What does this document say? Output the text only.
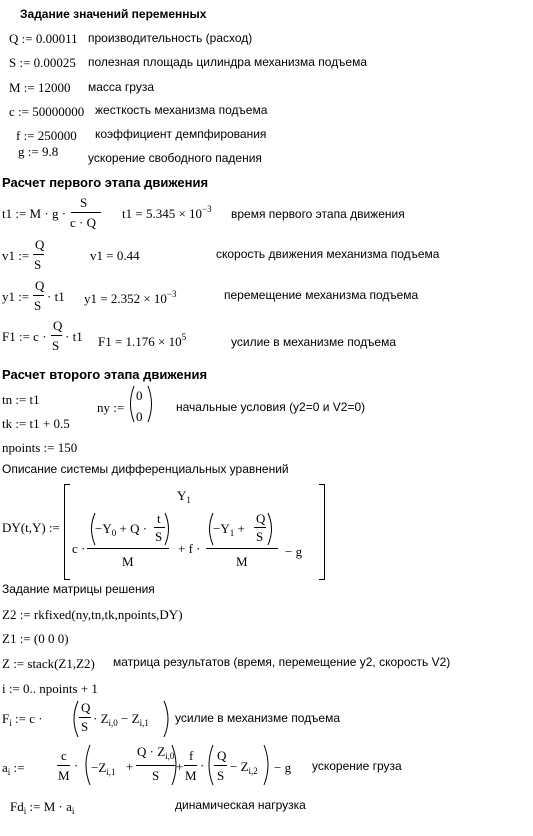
Задание значений переменных
Q := 0.00011 производительность (расход)
S := 0.00025 полезная площадь цилиндра механизма подъема
M := 12000 масса груза
c := 50000000 жесткость механизма подъема
f := 250000 коэффициент демпфирования
g := 9.8 ускорение свободного падения
Расчет первого этапа движения
t1 := M · g ·
S
c · Q
$t1 = 5.345 \times 10^{-3}$ время первого этапа движения
v1 :=
Q
S
v1 = 0.44	скорость движения механизма подъема
y1 :=
Q
S
· t1 $y1 = 2.352 \times 10^{-3}$	перемещение механизма подъема
F1 := c ·
Q
S
· t1 $F1 = 1.176 \times 10^5$	усилие в механизме подъема
Расчет второго этапа движения
tn := t1
tk := t1 + 0.5
ny :=
0
0
начальные условия (y2=0 и V2=0)
npoints := 150
Описание системы дифференциальных уравнений
DY(t,Y) :=
$Y_1$
c ·
$-Y_0 + Q$ ·
t
S
M
+ f ·
$-Y_1$ +
Q
S
M
− g
Задание матрицы решения
Z2 := rkfixed(ny,tn,tk,npoints,DY)
Z1 := (0 0 0)
Z := stack(Z1,Z2) матрица результатов (время, перемещение y2, скорость V2)
i := 0.. npoints + 1
$F_i$ := c ·
Q
S
· $Z_{i,0} - Z_{i,1}$ усилие в механизме подъема
$a_i$ :=
c
M
· $-Z_{i,1}$ +
$Q \cdot Z_{i,0}$
S
+
f
M
·
Q
S
− $Z_{i,2} - g$ ускорение груза
$Fd_i$ := $M \cdot a_i$	динамическая нагрузка
